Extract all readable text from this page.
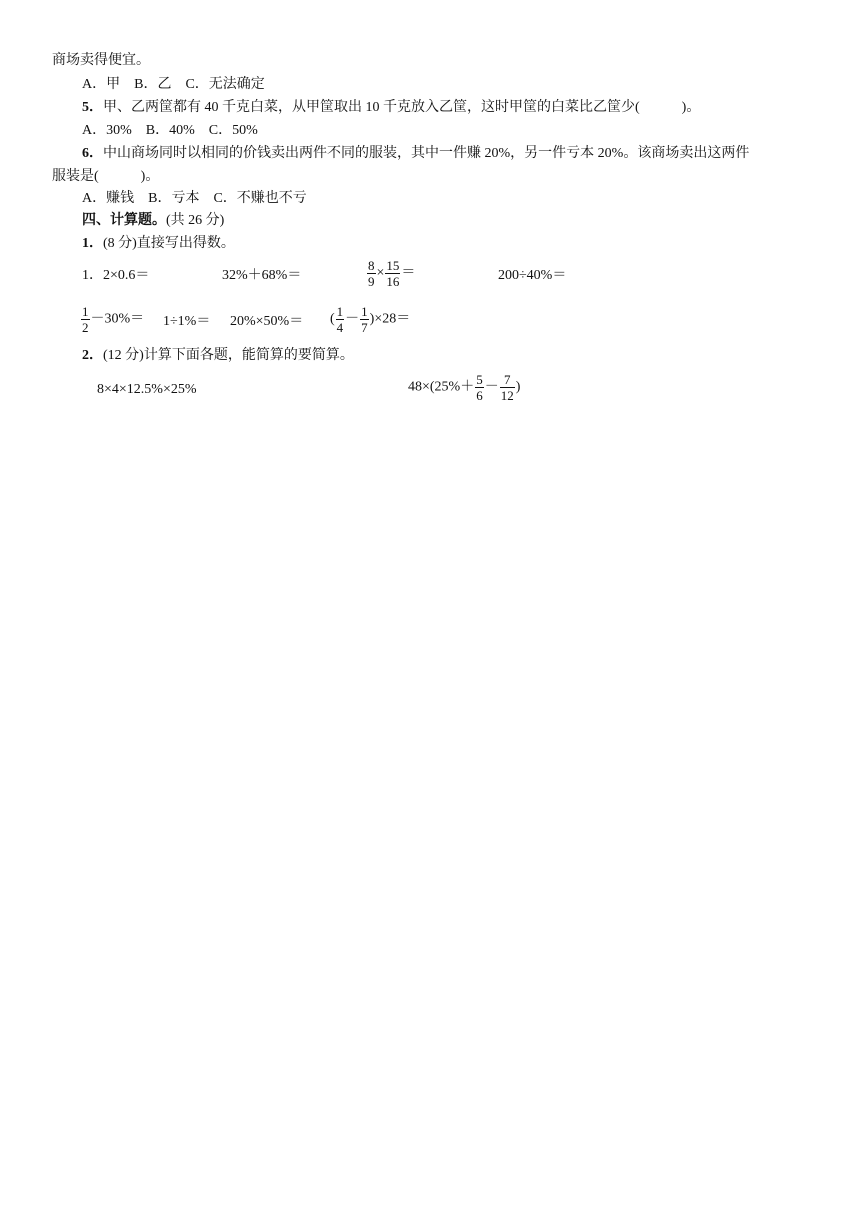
商场卖得便宜。
A．甲　B．乙　C．无法确定
5．甲、乙两筐都有 40 千克白菜，从甲筐取出 10 千克放入乙筐，这时甲筐的白菜比乙筐少(　　　)。
A．30%　B．40%　C．50%
6．中山商场同时以相同的价钱卖出两件不同的服装，其中一件赚 20%，另一件亏本 20%。该商场卖出这两件
服装是(　　　)。
A．赚钱　B．亏本　C．不赚也不亏
四、计算题。(共 26 分)
1．(8 分)直接写出得数。
1．2×0.6＝	32%＋68%＝	$\frac{8}{9} \times \frac{15}{16}$ ＝	200÷40%＝
$\frac{1}{2} -30\%= 1\div 1\%= 20\%\times 50\%=$ ( $\frac{1}{4} - \frac{1}{7} )\times 28=$
2．(12 分)计算下面各题，能简算的要简算。
8×4×12.5%×25%	$48\times(25\%+ \frac{5}{6} - \frac{7}{12}$ )
